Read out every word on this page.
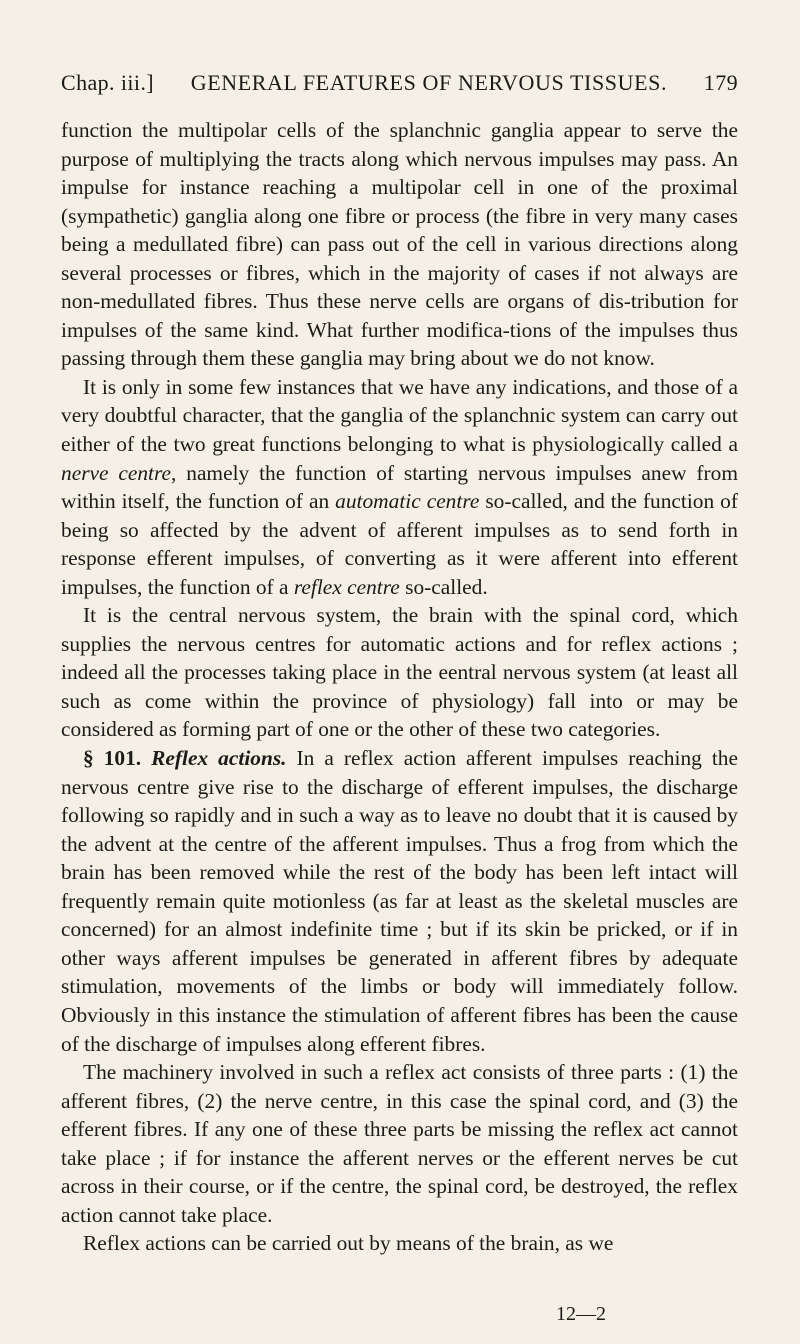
Chap. iii.] GENERAL FEATURES OF NERVOUS TISSUES. 179

function the multipolar cells of the splanchnic ganglia appear to serve the purpose of multiplying the tracts along which nervous impulses may pass. An impulse for instance reaching a multipolar cell in one of the proximal (sympathetic) ganglia along one fibre or process (the fibre in very many cases being a medullated fibre) can pass out of the cell in various directions along several processes or fibres, which in the majority of cases if not always are non-medullated fibres. Thus these nerve cells are organs of dis-tribution for impulses of the same kind. What further modifica-tions of the impulses thus passing through them these ganglia may bring about we do not know.

It is only in some few instances that we have any indications, and those of a very doubtful character, that the ganglia of the splanchnic system can carry out either of the two great functions belonging to what is physiologically called a nerve centre, namely the function of starting nervous impulses anew from within itself, the function of an automatic centre so-called, and the function of being so affected by the advent of afferent impulses as to send forth in response efferent impulses, of converting as it were afferent into efferent impulses, the function of a reflex centre so-called.

It is the central nervous system, the brain with the spinal cord, which supplies the nervous centres for automatic actions and for reflex actions ; indeed all the processes taking place in the eentral nervous system (at least all such as come within the province of physiology) fall into or may be considered as forming part of one or the other of these two categories.

§ 101. Reflex actions. In a reflex action afferent impulses reaching the nervous centre give rise to the discharge of efferent impulses, the discharge following so rapidly and in such a way as to leave no doubt that it is caused by the advent at the centre of the afferent impulses. Thus a frog from which the brain has been removed while the rest of the body has been left intact will frequently remain quite motionless (as far at least as the skeletal muscles are concerned) for an almost indefinite time ; but if its skin be pricked, or if in other ways afferent impulses be generated in afferent fibres by adequate stimulation, movements of the limbs or body will immediately follow. Obviously in this instance the stimulation of afferent fibres has been the cause of the discharge of impulses along efferent fibres.

The machinery involved in such a reflex act consists of three parts : (1) the afferent fibres, (2) the nerve centre, in this case the spinal cord, and (3) the efferent fibres. If any one of these three parts be missing the reflex act cannot take place ; if for instance the afferent nerves or the efferent nerves be cut across in their course, or if the centre, the spinal cord, be destroyed, the reflex action cannot take place.

Reflex actions can be carried out by means of the brain, as we

12—2
